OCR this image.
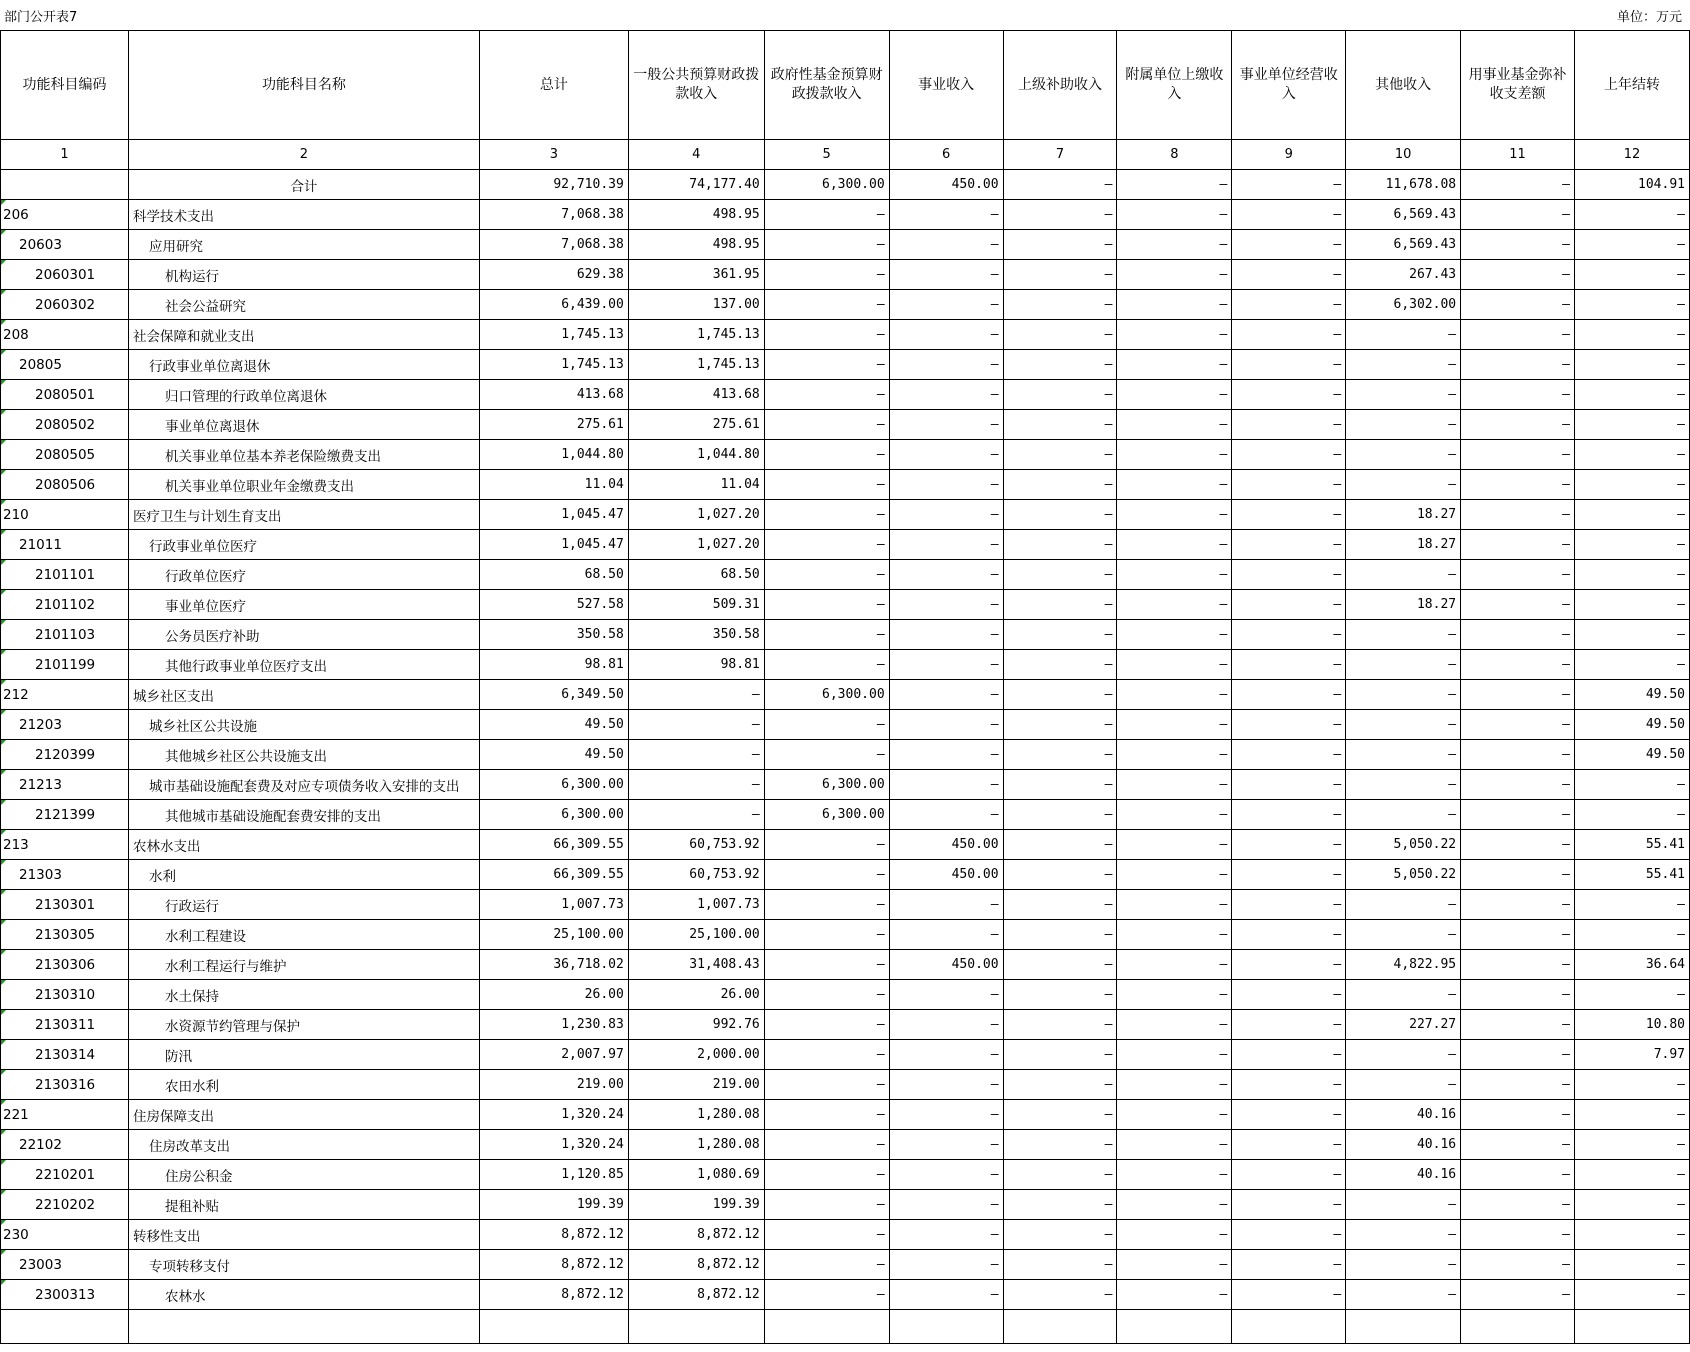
部门公开表7	单位：万元
功能科目编码	功能科目名称	总计	一般公共预算财政拨款收入	政府性基金预算财政拨款收入	事业收入	上级补助收入	附属单位上缴收入	事业单位经营收入	其他收入	用事业基金弥补收支差额	上年结转
1	2	3	4	5	6	7	8	9	10	11	12
	合计	92,710.39	74,177.40	6,300.00	450.00	–	–	–	11,678.08	–	104.91
206	科学技术支出	7,068.38	498.95	–	–	–	–	–	6,569.43	–	–
20603	应用研究	7,068.38	498.95	–	–	–	–	–	6,569.43	–	–
2060301	机构运行	629.38	361.95	–	–	–	–	–	267.43	–	–
2060302	社会公益研究	6,439.00	137.00	–	–	–	–	–	6,302.00	–	–
208	社会保障和就业支出	1,745.13	1,745.13	–	–	–	–	–	–	–	–
20805	行政事业单位离退休	1,745.13	1,745.13	–	–	–	–	–	–	–	–
2080501	归口管理的行政单位离退休	413.68	413.68	–	–	–	–	–	–	–	–
2080502	事业单位离退休	275.61	275.61	–	–	–	–	–	–	–	–
2080505	机关事业单位基本养老保险缴费支出	1,044.80	1,044.80	–	–	–	–	–	–	–	–
2080506	机关事业单位职业年金缴费支出	11.04	11.04	–	–	–	–	–	–	–	–
210	医疗卫生与计划生育支出	1,045.47	1,027.20	–	–	–	–	–	18.27	–	–
21011	行政事业单位医疗	1,045.47	1,027.20	–	–	–	–	–	18.27	–	–
2101101	行政单位医疗	68.50	68.50	–	–	–	–	–	–	–	–
2101102	事业单位医疗	527.58	509.31	–	–	–	–	–	18.27	–	–
2101103	公务员医疗补助	350.58	350.58	–	–	–	–	–	–	–	–
2101199	其他行政事业单位医疗支出	98.81	98.81	–	–	–	–	–	–	–	–
212	城乡社区支出	6,349.50	–	6,300.00	–	–	–	–	–	–	49.50
21203	城乡社区公共设施	49.50	–	–	–	–	–	–	–	–	49.50
2120399	其他城乡社区公共设施支出	49.50	–	–	–	–	–	–	–	–	49.50
21213	城市基础设施配套费及对应专项债务收入安排的支出	6,300.00	–	6,300.00	–	–	–	–	–	–	–
2121399	其他城市基础设施配套费安排的支出	6,300.00	–	6,300.00	–	–	–	–	–	–	–
213	农林水支出	66,309.55	60,753.92	–	450.00	–	–	–	5,050.22	–	55.41
21303	水利	66,309.55	60,753.92	–	450.00	–	–	–	5,050.22	–	55.41
2130301	行政运行	1,007.73	1,007.73	–	–	–	–	–	–	–	–
2130305	水利工程建设	25,100.00	25,100.00	–	–	–	–	–	–	–	–
2130306	水利工程运行与维护	36,718.02	31,408.43	–	450.00	–	–	–	4,822.95	–	36.64
2130310	水土保持	26.00	26.00	–	–	–	–	–	–	–	–
2130311	水资源节约管理与保护	1,230.83	992.76	–	–	–	–	–	227.27	–	10.80
2130314	防汛	2,007.97	2,000.00	–	–	–	–	–	–	–	7.97
2130316	农田水利	219.00	219.00	–	–	–	–	–	–	–	–
221	住房保障支出	1,320.24	1,280.08	–	–	–	–	–	40.16	–	–
22102	住房改革支出	1,320.24	1,280.08	–	–	–	–	–	40.16	–	–
2210201	住房公积金	1,120.85	1,080.69	–	–	–	–	–	40.16	–	–
2210202	提租补贴	199.39	199.39	–	–	–	–	–	–	–	–
230	转移性支出	8,872.12	8,872.12	–	–	–	–	–	–	–	–
23003	专项转移支付	8,872.12	8,872.12	–	–	–	–	–	–	–	–
2300313	农林水	8,872.12	8,872.12	–	–	–	–	–	–	–	–
